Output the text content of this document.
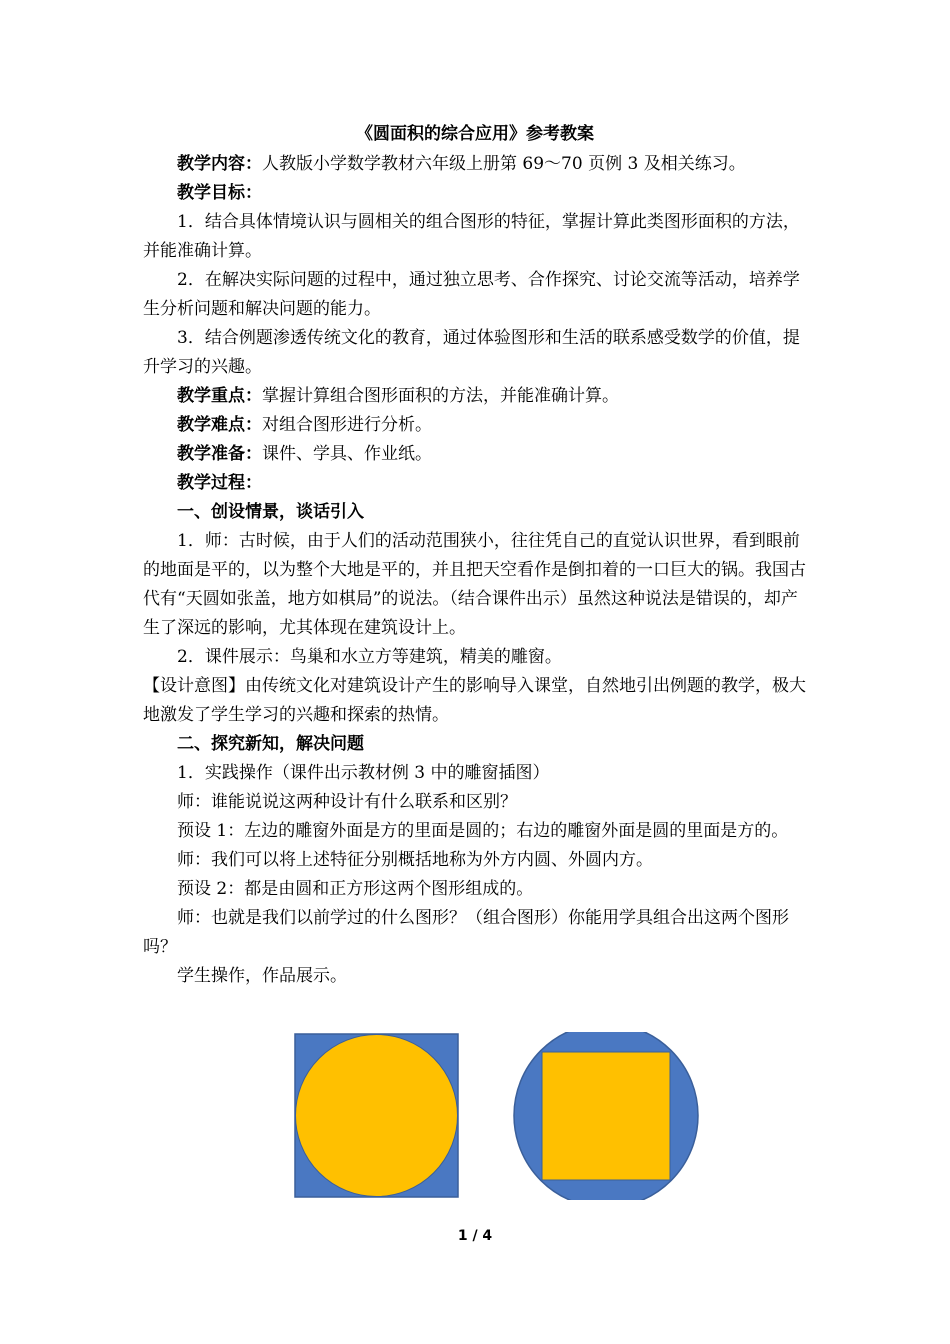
《圆面积的综合应用》参考教案

教学内容：人教版小学数学教材六年级上册第 69～70 页例 3 及相关练习。

教学目标：

1．结合具体情境认识与圆相关的组合图形的特征，掌握计算此类图形面积的方法，并能准确计算。

2．在解决实际问题的过程中，通过独立思考、合作探究、讨论交流等活动，培养学生分析问题和解决问题的能力。

3．结合例题渗透传统文化的教育，通过体验图形和生活的联系感受数学的价值，提升学习的兴趣。

教学重点：掌握计算组合图形面积的方法，并能准确计算。

教学难点：对组合图形进行分析。

教学准备：课件、学具、作业纸。

教学过程：

一、创设情景，谈话引入

1．师：古时候，由于人们的活动范围狭小，往往凭自己的直觉认识世界，看到眼前的地面是平的，以为整个大地是平的，并且把天空看作是倒扣着的一口巨大的锅。我国古代有“天圆如张盖，地方如棋局”的说法。（结合课件出示）虽然这种说法是错误的，却产生了深远的影响，尤其体现在建筑设计上。

2．课件展示：鸟巢和水立方等建筑，精美的雕窗。

【设计意图】由传统文化对建筑设计产生的影响导入课堂，自然地引出例题的教学，极大地激发了学生学习的兴趣和探索的热情。

二、探究新知，解决问题

1．实践操作（课件出示教材例 3 中的雕窗插图）

师：谁能说说这两种设计有什么联系和区别？

预设 1：左边的雕窗外面是方的里面是圆的；右边的雕窗外面是圆的里面是方的。

师：我们可以将上述特征分别概括地称为外方内圆、外圆内方。

预设 2：都是由圆和正方形这两个图形组成的。

师：也就是我们以前学过的什么图形？（组合图形）你能用学具组合出这两个图形吗？

学生操作，作品展示。

1 / 4
